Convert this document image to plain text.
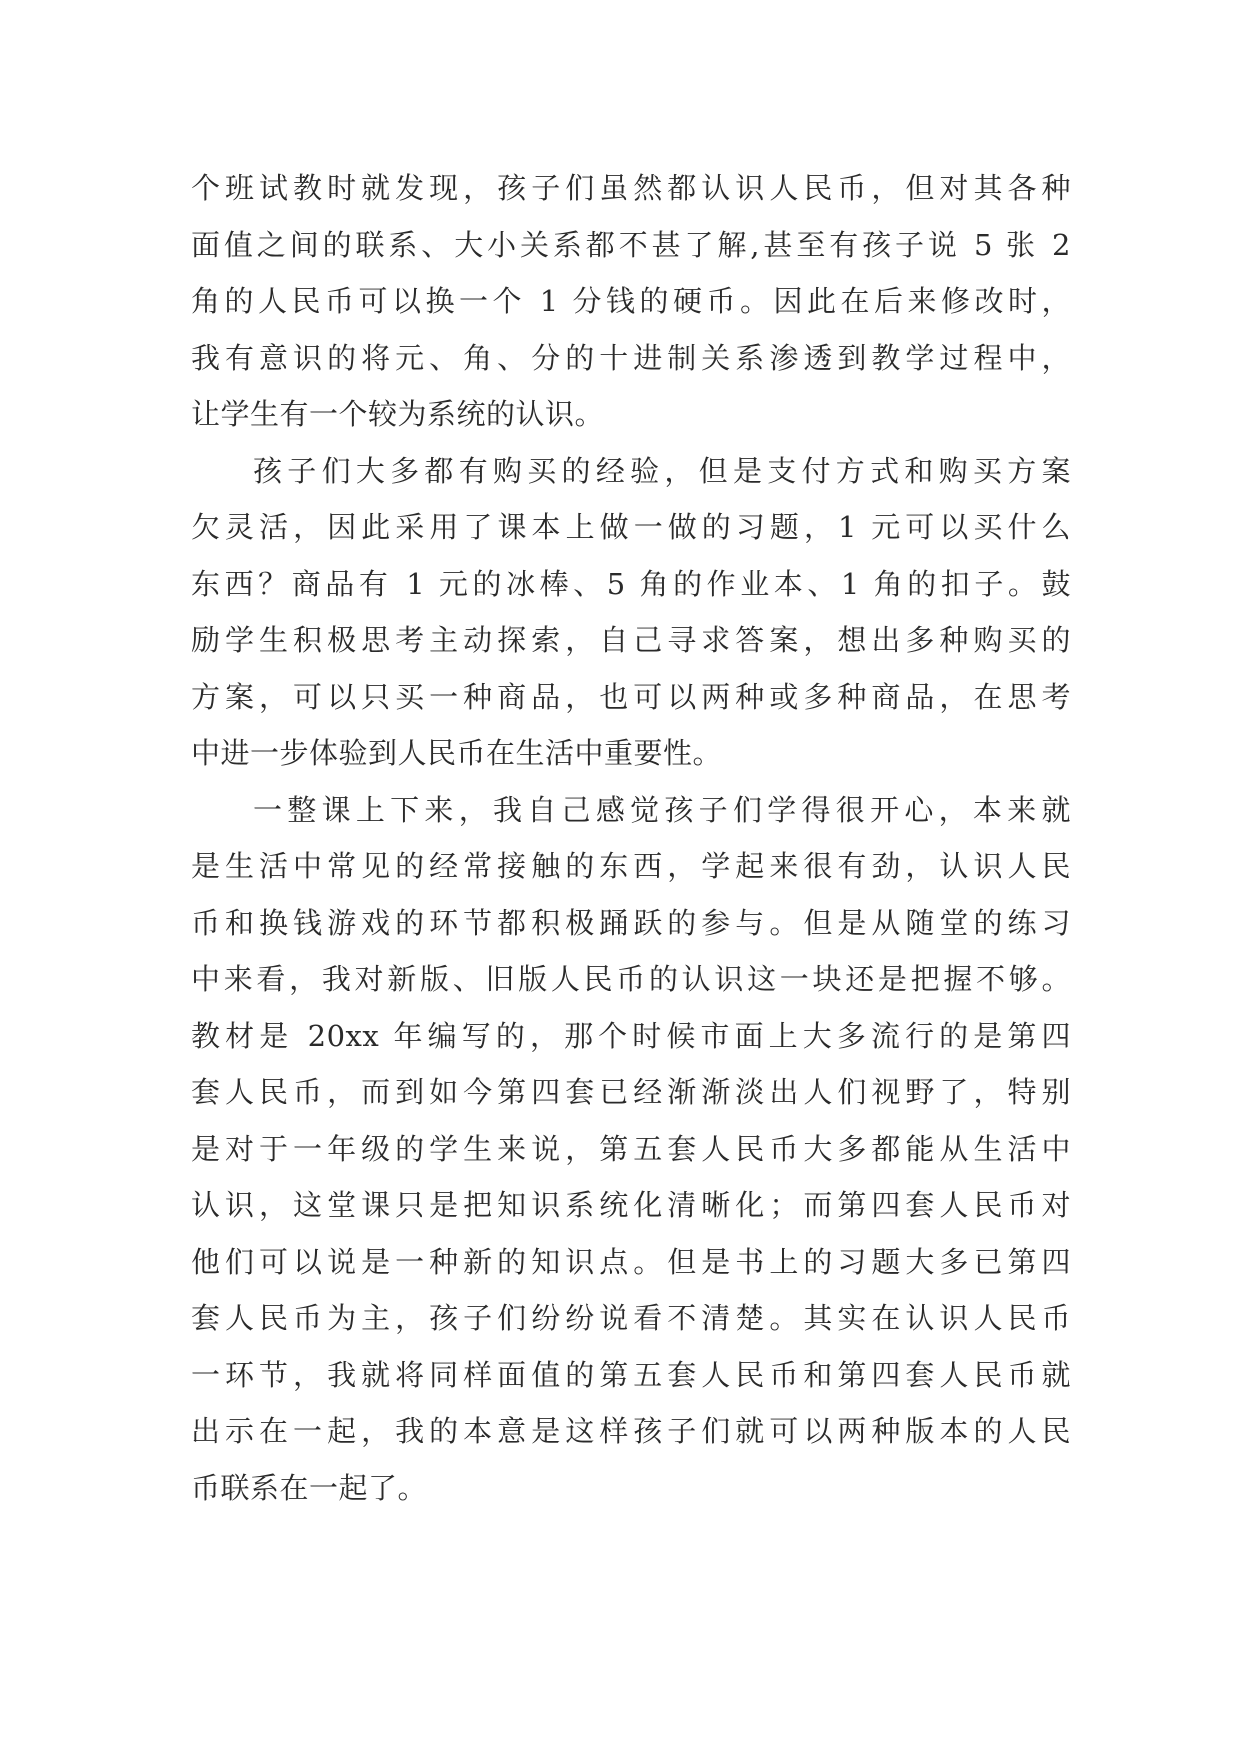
个班试教时就发现，孩子们虽然都认识人民币，但对其各种
面值之间的联系、大小关系都不甚了解,甚至有孩子说 5 张 2
角的人民币可以换一个 1 分钱的硬币。因此在后来修改时，
我有意识的将元、角、分的十进制关系渗透到教学过程中，
让学生有一个较为系统的认识。
孩子们大多都有购买的经验，但是支付方式和购买方案
欠灵活，因此采用了课本上做一做的习题，1 元可以买什么
东西？商品有 1 元的冰棒、5 角的作业本、1 角的扣子。鼓
励学生积极思考主动探索，自己寻求答案，想出多种购买的
方案，可以只买一种商品，也可以两种或多种商品，在思考
中进一步体验到人民币在生活中重要性。
一整课上下来，我自己感觉孩子们学得很开心，本来就
是生活中常见的经常接触的东西，学起来很有劲，认识人民
币和换钱游戏的环节都积极踊跃的参与。但是从随堂的练习
中来看，我对新版、旧版人民币的认识这一块还是把握不够。
教材是 20xx 年编写的，那个时候市面上大多流行的是第四
套人民币，而到如今第四套已经渐渐淡出人们视野了，特别
是对于一年级的学生来说，第五套人民币大多都能从生活中
认识，这堂课只是把知识系统化清晰化；而第四套人民币对
他们可以说是一种新的知识点。但是书上的习题大多已第四
套人民币为主，孩子们纷纷说看不清楚。其实在认识人民币
一环节，我就将同样面值的第五套人民币和第四套人民币就
出示在一起，我的本意是这样孩子们就可以两种版本的人民
币联系在一起了。
